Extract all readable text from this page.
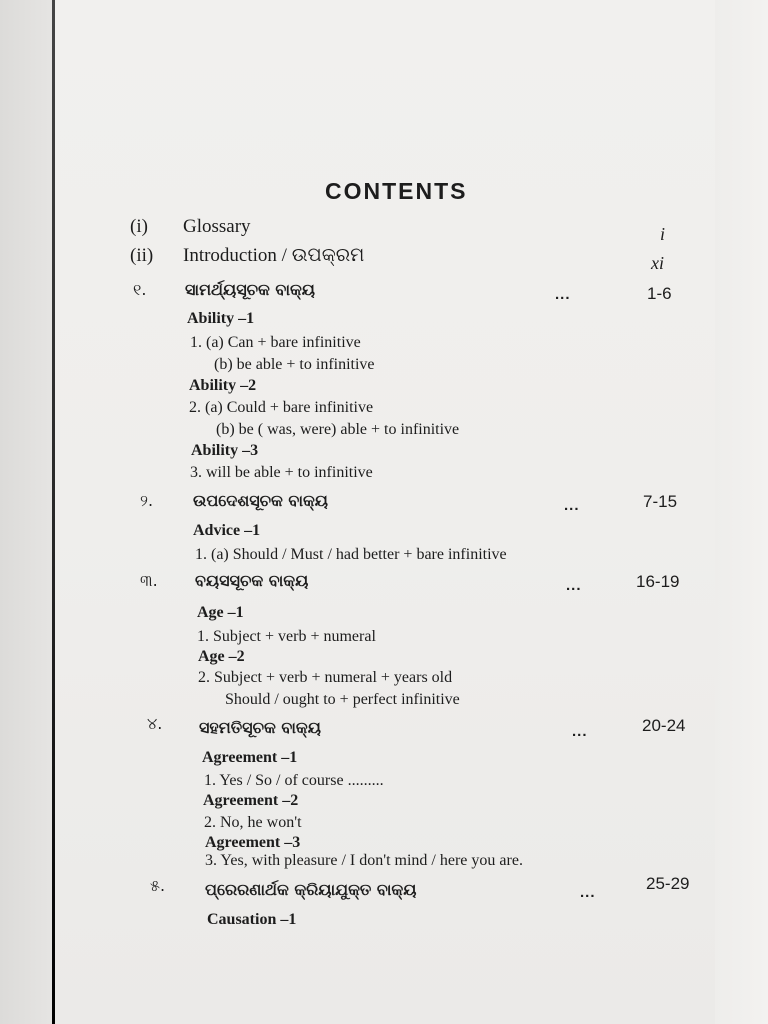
CONTENTS
(i) Glossary	i
(ii) Introduction / ଉପକ୍ରମ	xi
୧. ସାମର୍ଥ୍ୟସୂଚକ ବାକ୍ୟ	...	1-6
Ability –1
1. (a) Can + bare infinitive
(b) be able + to infinitive
Ability –2
2. (a) Could + bare infinitive
(b) be ( was, were) able + to infinitive
Ability –3
3. will be able + to infinitive
୨. ଉପଦେଶସୂଚକ ବାକ୍ୟ	...	7-15
Advice –1
1. (a) Should / Must / had better + bare infinitive
୩. ବୟସସୂଚକ ବାକ୍ୟ	...	16-19
Age –1
1. Subject + verb + numeral
Age –2
2. Subject + verb + numeral + years old
Should / ought to + perfect infinitive
୪. ସହମତିସୂଚକ ବାକ୍ୟ	...	20-24
Agreement –1
1. Yes / So / of course .........
Agreement –2
2. No, he won't
Agreement –3
3. Yes, with pleasure / I don't mind / here you are.
୫. ପ୍ରେରଣାର୍ଥକ କ୍ରିୟାଯୁକ୍ତ ବାକ୍ୟ	...	25-29
Causation –1
